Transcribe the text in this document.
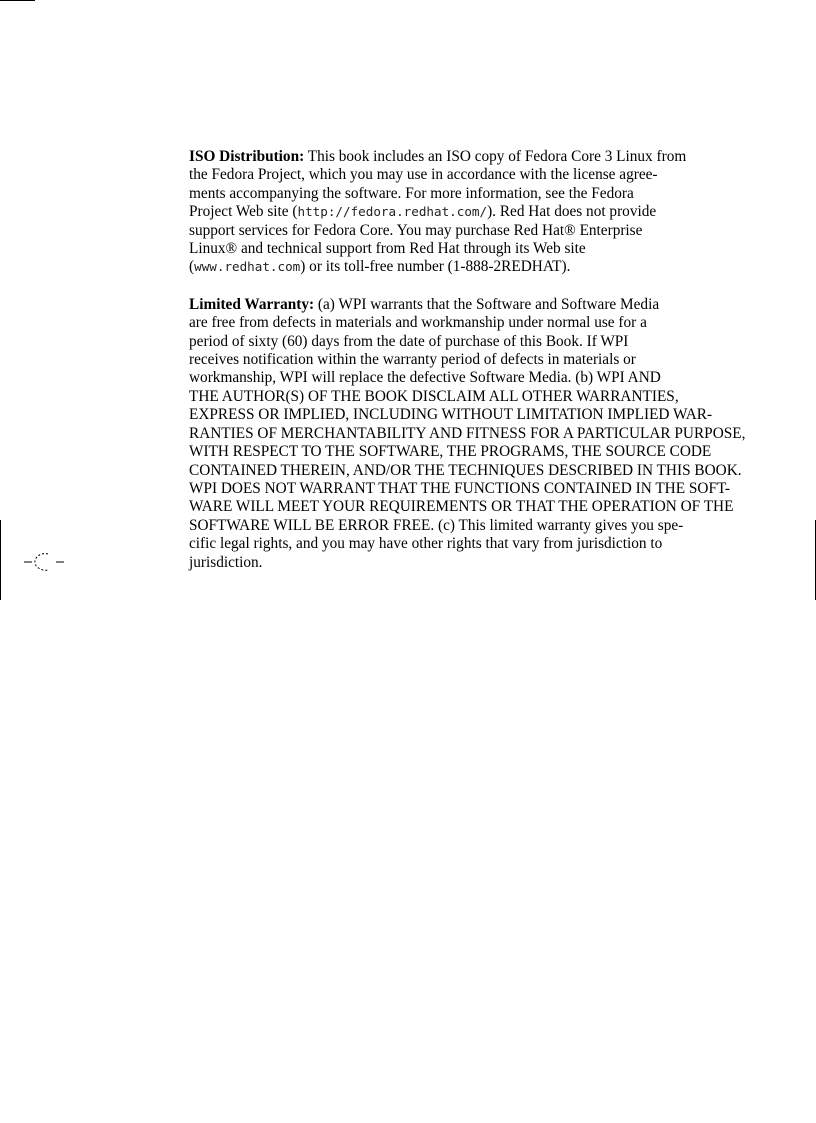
ISO Distribution: This book includes an ISO copy of Fedora Core 3 Linux from
the Fedora Project, which you may use in accordance with the license agree-
ments accompanying the software. For more information, see the Fedora
Project Web site (http://fedora.redhat.com/). Red Hat does not provide
support services for Fedora Core. You may purchase Red Hat® Enterprise
Linux® and technical support from Red Hat through its Web site
(www.redhat.com) or its toll-free number (1-888-2REDHAT).

Limited Warranty: (a) WPI warrants that the Software and Software Media
are free from defects in materials and workmanship under normal use for a
period of sixty (60) days from the date of purchase of this Book. If WPI
receives notification within the warranty period of defects in materials or
workmanship, WPI will replace the defective Software Media. (b) WPI AND
THE AUTHOR(S) OF THE BOOK DISCLAIM ALL OTHER WARRANTIES,
EXPRESS OR IMPLIED, INCLUDING WITHOUT LIMITATION IMPLIED WAR-
RANTIES OF MERCHANTABILITY AND FITNESS FOR A PARTICULAR PURPOSE,
WITH RESPECT TO THE SOFTWARE, THE PROGRAMS, THE SOURCE CODE
CONTAINED THEREIN, AND/OR THE TECHNIQUES DESCRIBED IN THIS BOOK.
WPI DOES NOT WARRANT THAT THE FUNCTIONS CONTAINED IN THE SOFT-
WARE WILL MEET YOUR REQUIREMENTS OR THAT THE OPERATION OF THE
SOFTWARE WILL BE ERROR FREE. (c) This limited warranty gives you spe-
cific legal rights, and you may have other rights that vary from jurisdiction to
jurisdiction.
